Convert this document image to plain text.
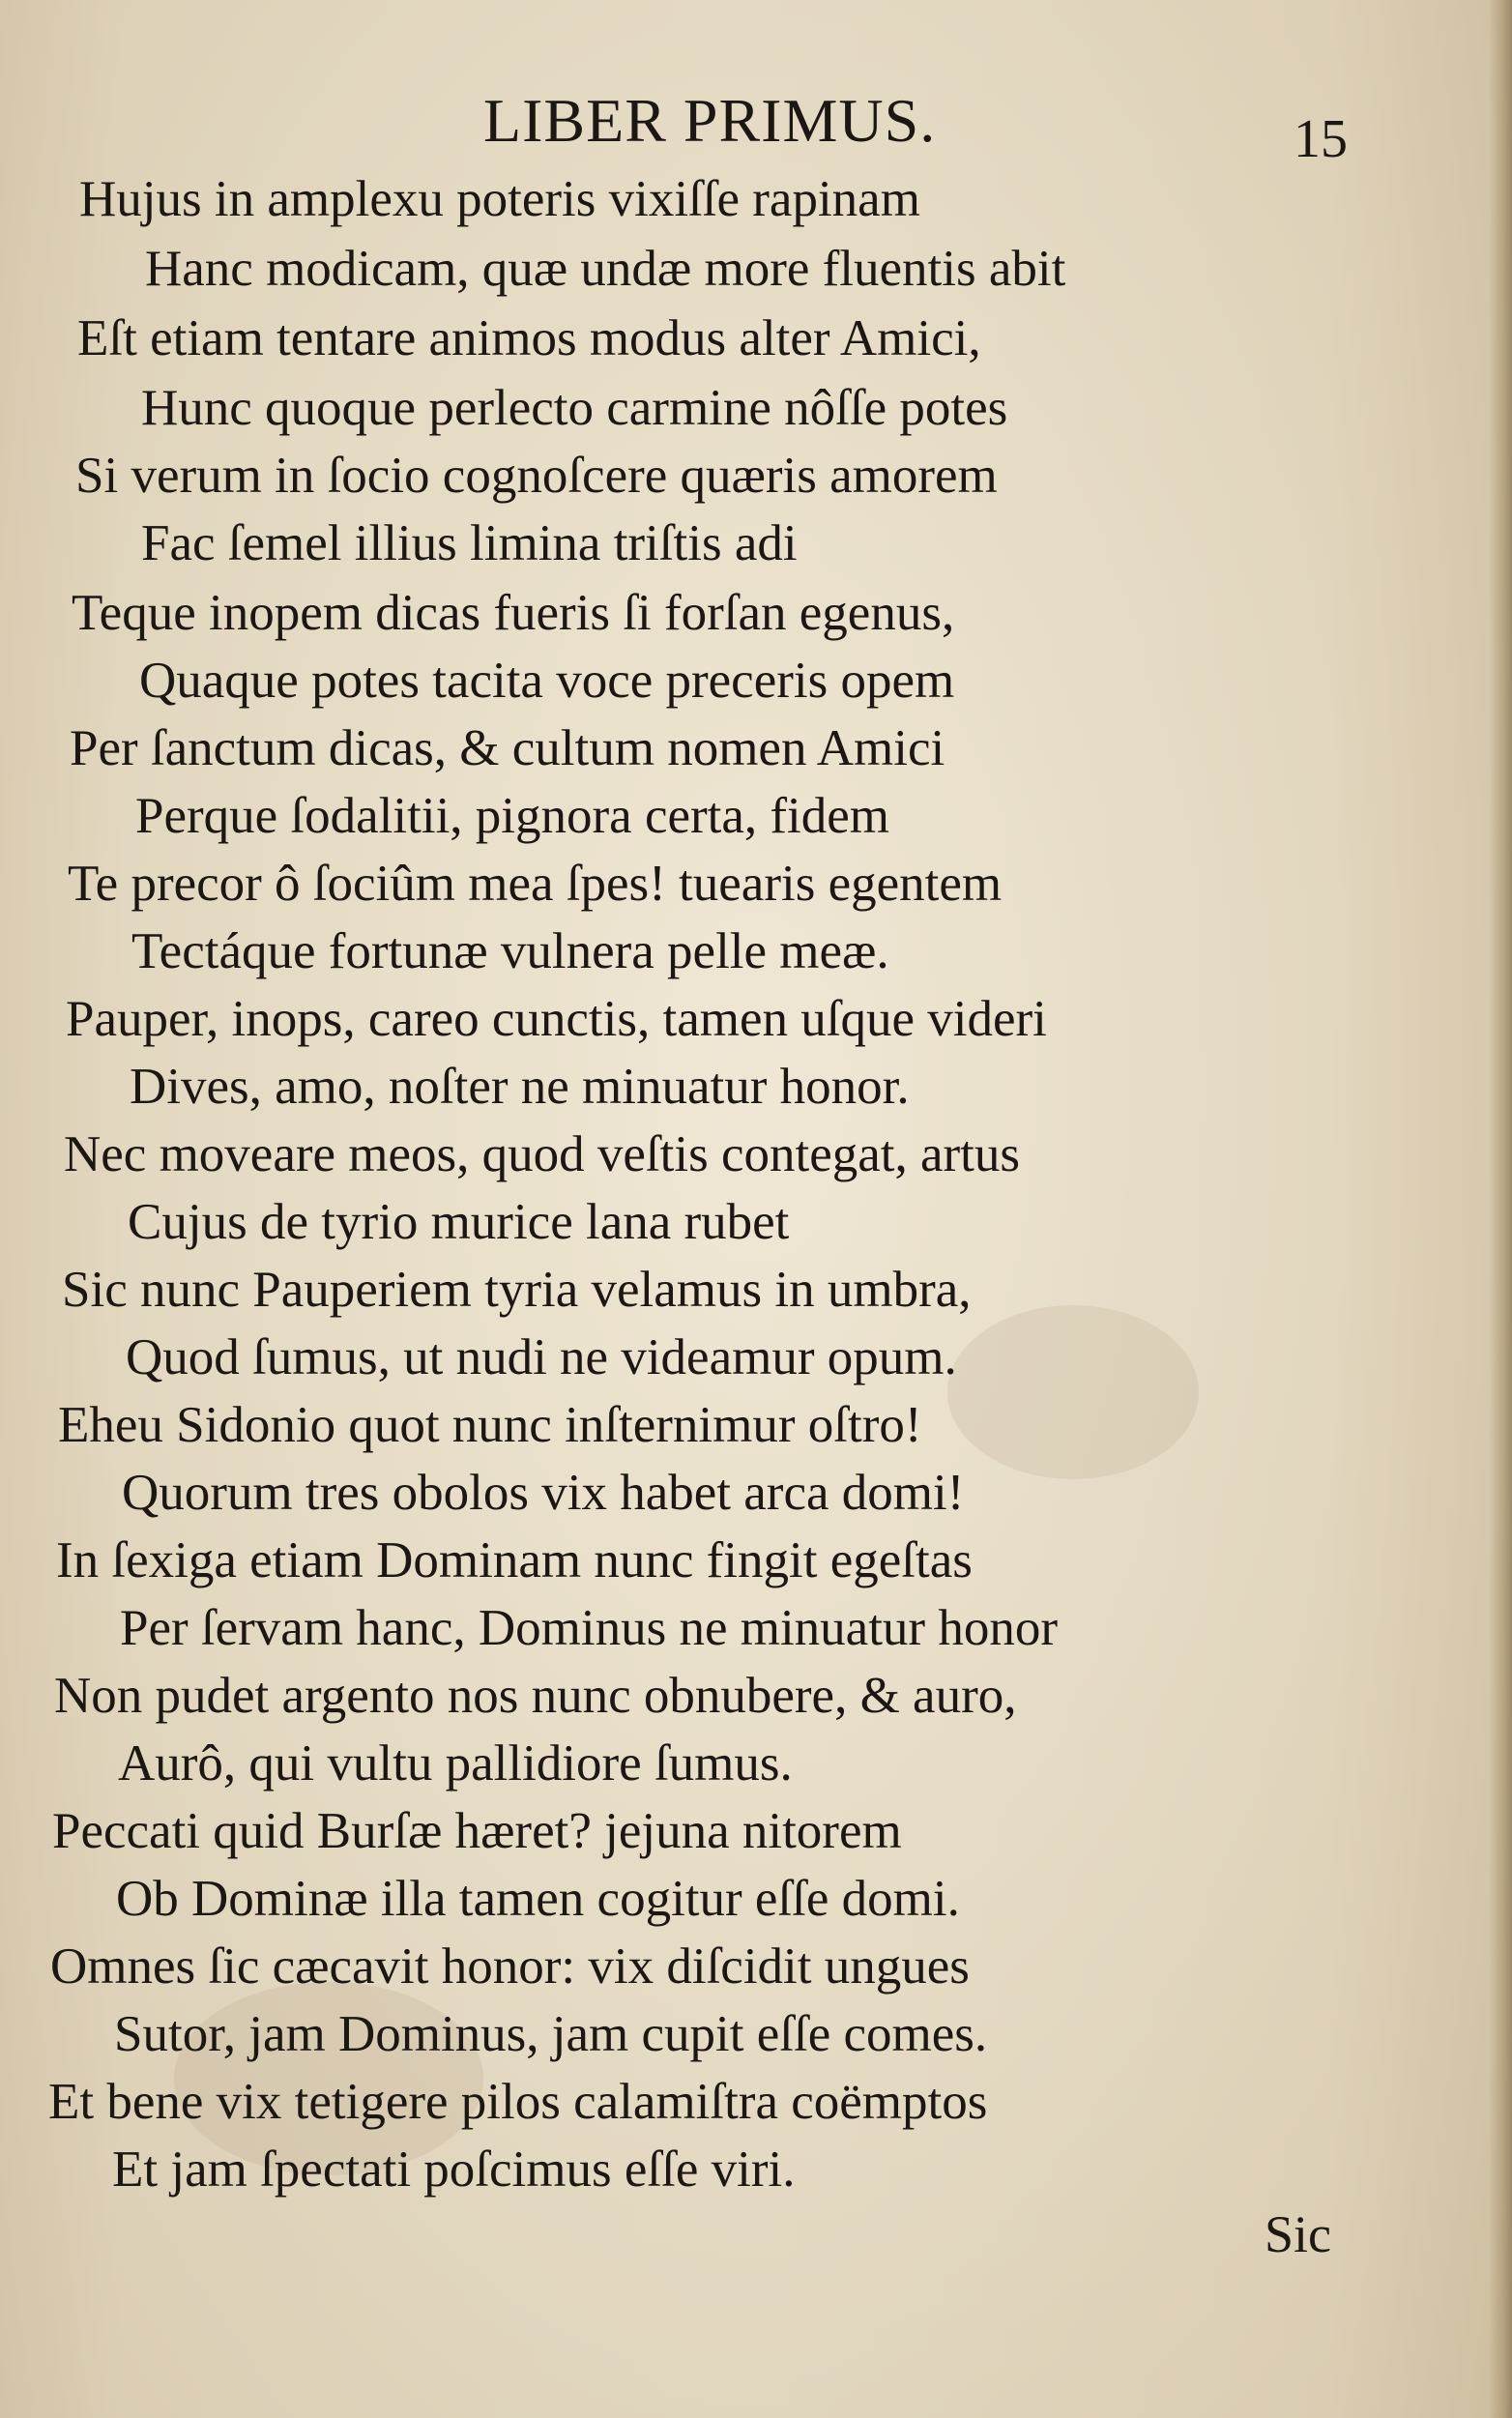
LIBER PRIMUS.	15
Hujus in amplexu poteris vixiſſe rapinam
Hanc modicam, quæ undæ more fluentis abit
Eſt etiam tentare animos modus alter Amici,
Hunc quoque perlecto carmine nôſſe potes
Si verum in ſocio cognoſcere quæris amorem
Fac ſemel illius limina triſtis adi
Teque inopem dicas fueris ſi forſan egenus,
Quaque potes tacita voce preceris opem
Per ſanctum dicas, & cultum nomen Amici
Perque ſodalitii, pignora certa, fidem
Te precor ô ſociûm mea ſpes! tuearis egentem
Tectáque fortunæ vulnera pelle meæ.
Pauper, inops, careo cunctis, tamen uſque videri
Dives, amo, noſter ne minuatur honor.
Nec moveare meos, quod veſtis contegat, artus
Cujus de tyrio murice lana rubet
Sic nunc Pauperiem tyria velamus in umbra,
Quod ſumus, ut nudi ne videamur opum.
Eheu Sidonio quot nunc inſternimur oſtro!
Quorum tres obolos vix habet arca domi!
In ſexiga etiam Dominam nunc fingit egeſtas
Per ſervam hanc, Dominus ne minuatur honor
Non pudet argento nos nunc obnubere, & auro,
Aurô, qui vultu pallidiore ſumus.
Peccati quid Burſæ hæret? jejuna nitorem
Ob Dominæ illa tamen cogitur eſſe domi.
Omnes ſic cæcavit honor: vix diſcidit ungues
Sutor, jam Dominus, jam cupit eſſe comes.
Et bene vix tetigere pilos calamiſtra coëmptos
Et jam ſpectati poſcimus eſſe viri.
Sic
